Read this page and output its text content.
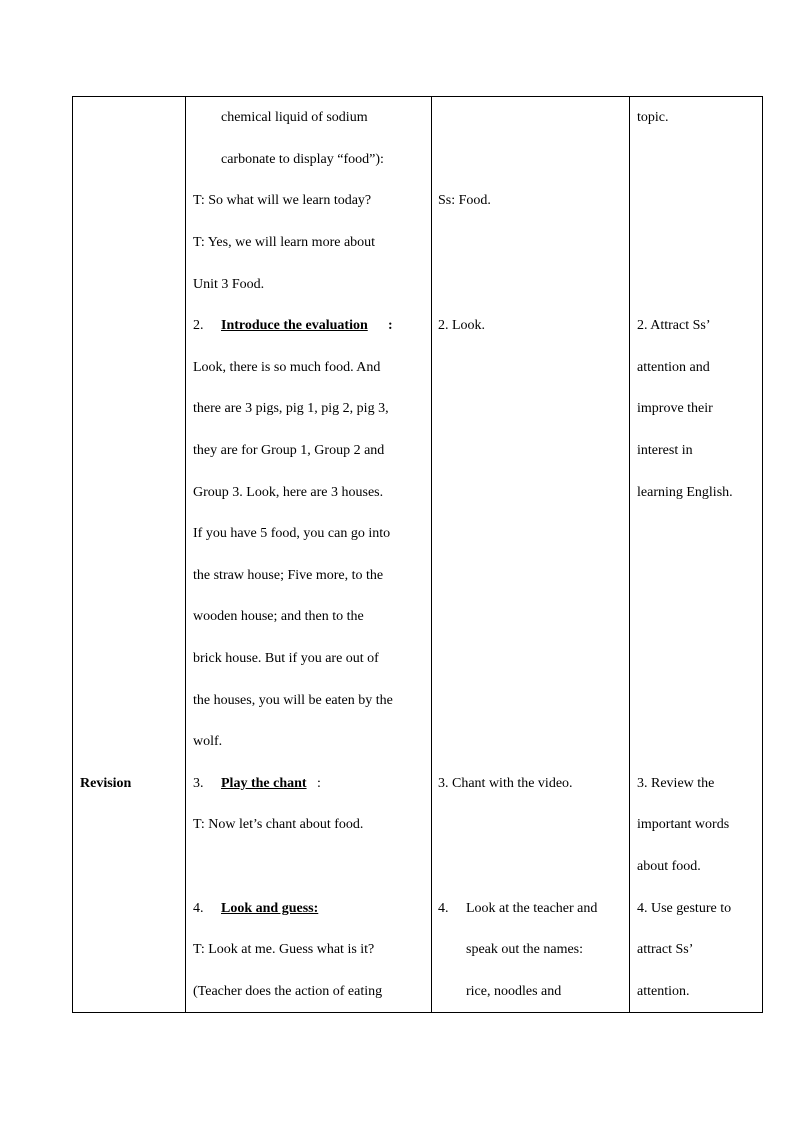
Revision
chemical liquid of sodium
carbonate to display “food”):
T: So what will we learn today?
T: Yes, we will learn more about
Unit 3 Food.
2. Introduce the evaluation :
Look, there is so much food. And
there are 3 pigs, pig 1, pig 2, pig 3,
they are for Group 1, Group 2 and
Group 3. Look, here are 3 houses.
If you have 5 food, you can go into
the straw house; Five more, to the
wooden house; and then to the
brick house. But if you are out of
the houses, you will be eaten by the
wolf.
3. Play the chant :
T: Now let’s chant about food.
4. Look and guess:
T: Look at me. Guess what is it?
(Teacher does the action of eating
Ss: Food.
2. Look.
3. Chant with the video.
4. Look at the teacher and
speak out the names:
rice, noodles and
topic.
2. Attract Ss’
attention and
improve their
interest in
learning English.
3. Review the
important words
about food.
4. Use gesture to
attract Ss’
attention.
